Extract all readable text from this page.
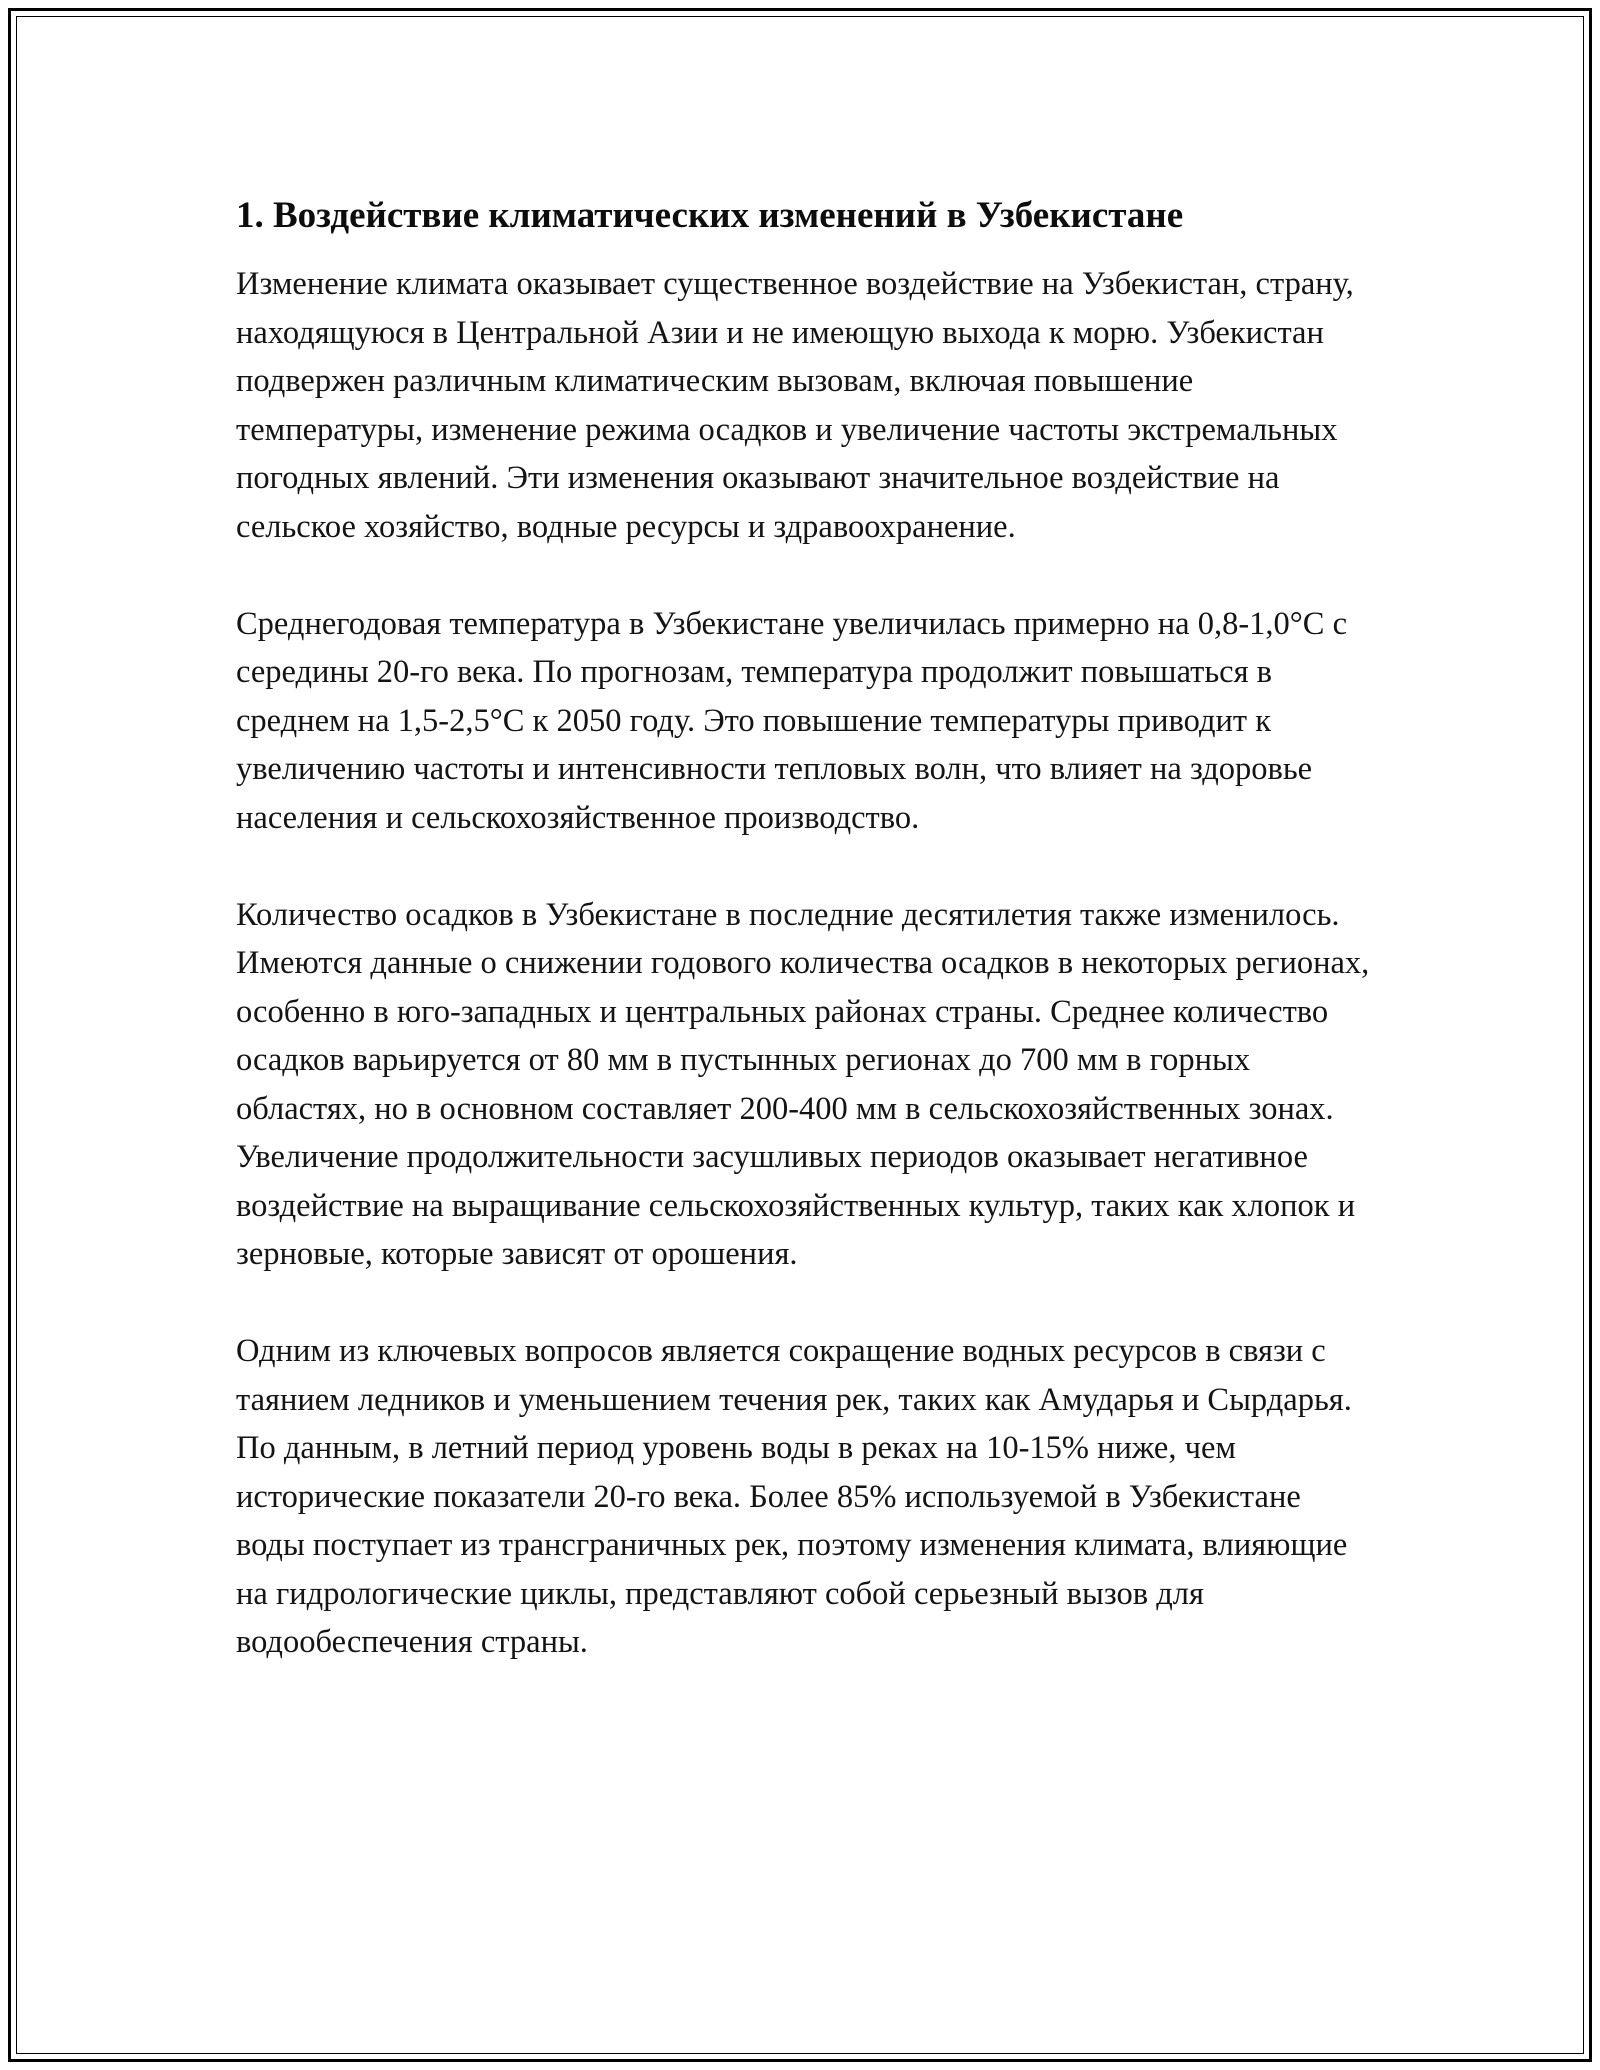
1. Воздействие климатических изменений в Узбекистане

Изменение климата оказывает существенное воздействие на Узбекистан, страну, находящуюся в Центральной Азии и не имеющую выхода к морю. Узбекистан подвержен различным климатическим вызовам, включая повышение температуры, изменение режима осадков и увеличение частоты экстремальных погодных явлений. Эти изменения оказывают значительное воздействие на сельское хозяйство, водные ресурсы и здравоохранение.

Среднегодовая температура в Узбекистане увеличилась примерно на 0,8-1,0°C с середины 20-го века. По прогнозам, температура продолжит повышаться в среднем на 1,5-2,5°C к 2050 году. Это повышение температуры приводит к увеличению частоты и интенсивности тепловых волн, что влияет на здоровье населения и сельскохозяйственное производство.

Количество осадков в Узбекистане в последние десятилетия также изменилось. Имеются данные о снижении годового количества осадков в некоторых регионах, особенно в юго-западных и центральных районах страны. Среднее количество осадков варьируется от 80 мм в пустынных регионах до 700 мм в горных областях, но в основном составляет 200-400 мм в сельскохозяйственных зонах. Увеличение продолжительности засушливых периодов оказывает негативное воздействие на выращивание сельскохозяйственных культур, таких как хлопок и зерновые, которые зависят от орошения.

Одним из ключевых вопросов является сокращение водных ресурсов в связи с таянием ледников и уменьшением течения рек, таких как Амударья и Сырдарья. По данным, в летний период уровень воды в реках на 10-15% ниже, чем исторические показатели 20-го века. Более 85% используемой в Узбекистане воды поступает из трансграничных рек, поэтому изменения климата, влияющие на гидрологические циклы, представляют собой серьезный вызов для водообеспечения страны.
